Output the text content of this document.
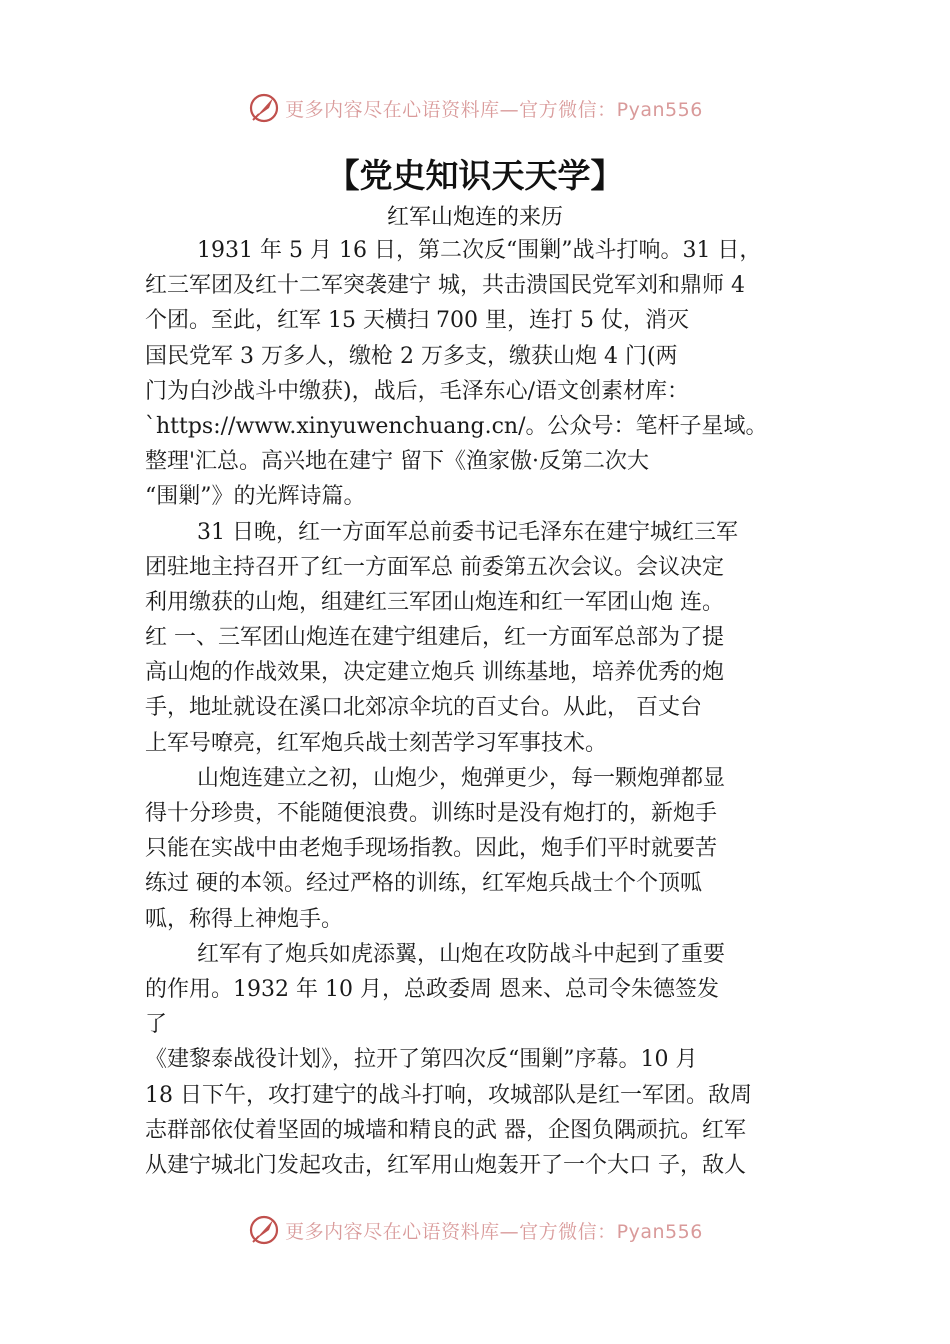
更多内容尽在心语资料库—官方微信：Pyan556
【党史知识天天学】
红军山炮连的来历
1931 年 5 月 16 日，第二次反“围剿”战斗打响。31 日，
红三军团及红十二军突袭建宁 城，共击溃国民党军刘和鼎师 4
个团。至此，红军 15 天横扫 700 里，连打 5 仗，消灭
国民党军 3 万多人，缴枪 2 万多支，缴获山炮 4 门(两
门为白沙战斗中缴获)，战后，毛泽东心/语文创素材库：
`https://www.xinyuwenchuang.cn/。公众号：笔杆子星域。
整理'汇总。高兴地在建宁 留下《渔家傲·反第二次大
“围剿”》的光辉诗篇。
31 日晚，红一方面军总前委书记毛泽东在建宁城红三军
团驻地主持召开了红一方面军总 前委第五次会议。会议决定
利用缴获的山炮，组建红三军团山炮连和红一军团山炮 连。
红 一、三军团山炮连在建宁组建后，红一方面军总部为了提
高山炮的作战效果，决定建立炮兵 训练基地，培养优秀的炮
手，地址就设在溪口北郊凉伞坑的百丈台。从此， 百丈台
上军号嘹亮，红军炮兵战士刻苦学习军事技术。
山炮连建立之初，山炮少，炮弹更少，每一颗炮弹都显
得十分珍贵，不能随便浪费。训练时是没有炮打的，新炮手
只能在实战中由老炮手现场指教。因此，炮手们平时就要苦
练过 硬的本领。经过严格的训练，红军炮兵战士个个顶呱
呱，称得上神炮手。
红军有了炮兵如虎添翼，山炮在攻防战斗中起到了重要
的作用。1932 年 10 月，总政委周 恩来、总司令朱德签发
了
《建黎泰战役计划》，拉开了第四次反“围剿”序幕。10 月
18 日下午，攻打建宁的战斗打响，攻城部队是红一军团。敌周
志群部依仗着坚固的城墙和精良的武 器，企图负隅顽抗。红军
从建宁城北门发起攻击，红军用山炮轰开了一个大口 子，敌人
更多内容尽在心语资料库—官方微信：Pyan556
